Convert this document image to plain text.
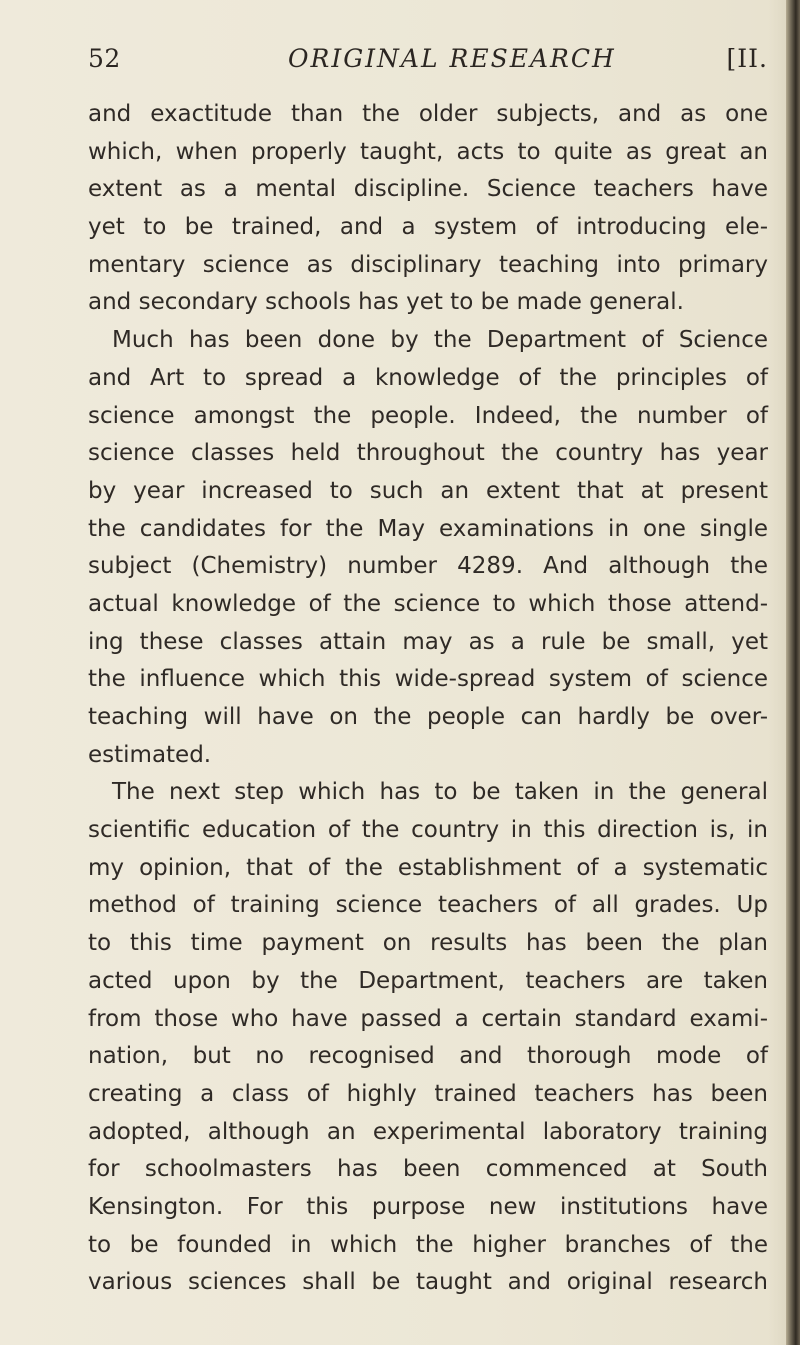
52	ORIGINAL RESEARCH	[II.
and exactitude than the older subjects, and as one
which, when properly taught, acts to quite as great an
extent as a mental discipline. Science teachers have
yet to be trained, and a system of introducing ele-
mentary science as disciplinary teaching into primary
and secondary schools has yet to be made general.
Much has been done by the Department of Science
and Art to spread a knowledge of the principles of
science amongst the people. Indeed, the number of
science classes held throughout the country has year
by year increased to such an extent that at present
the candidates for the May examinations in one single
subject (Chemistry) number 4289. And although the
actual knowledge of the science to which those attend-
ing these classes attain may as a rule be small, yet
the influence which this wide-spread system of science
teaching will have on the people can hardly be over-
estimated.
The next step which has to be taken in the general
scientific education of the country in this direction is, in
my opinion, that of the establishment of a systematic
method of training science teachers of all grades. Up
to this time payment on results has been the plan
acted upon by the Department, teachers are taken
from those who have passed a certain standard exami-
nation, but no recognised and thorough mode of
creating a class of highly trained teachers has been
adopted, although an experimental laboratory training
for schoolmasters has been commenced at South
Kensington. For this purpose new institutions have
to be founded in which the higher branches of the
various sciences shall be taught and original research
